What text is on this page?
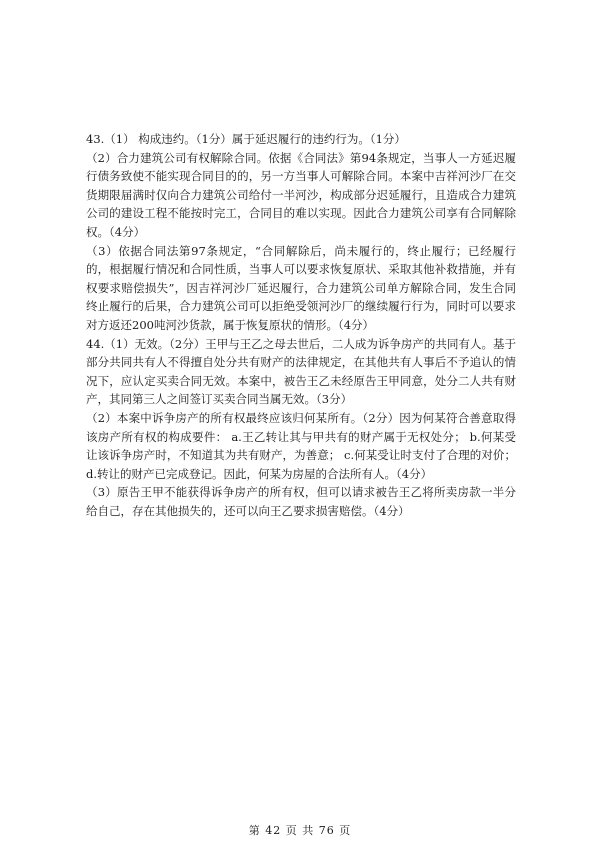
43.（1） 构成违约。（1分）属于延迟履行的违约行为。（1分）

（2）合力建筑公司有权解除合同。依据《合同法》第94条规定，当事人一方延迟履行债务致使不能实现合同目的的，另一方当事人可解除合同。本案中吉祥河沙厂在交货期限届满时仅向合力建筑公司给付一半河沙，构成部分迟延履行，且造成合力建筑公司的建设工程不能按时完工，合同目的难以实现。因此合力建筑公司享有合同解除权。（4分）

（3）依据合同法第97条规定，“合同解除后，尚未履行的，终止履行；已经履行的，根据履行情况和合同性质，当事人可以要求恢复原状、采取其他补救措施，并有权要求赔偿损失”，因吉祥河沙厂延迟履行，合力建筑公司单方解除合同，发生合同终止履行的后果，合力建筑公司可以拒绝受领河沙厂的继续履行行为，同时可以要求对方返还200吨河沙货款，属于恢复原状的情形。（4分）

44.（1）无效。（2分）王甲与王乙之母去世后，二人成为诉争房产的共同有人。基于部分共同共有人不得擅自处分共有财产的法律规定，在其他共有人事后不予追认的情况下，应认定买卖合同无效。本案中，被告王乙未经原告王甲同意，处分二人共有财产，其同第三人之间签订买卖合同当属无效。（3分）

（2）本案中诉争房产的所有权最终应该归何某所有。（2分）因为何某符合善意取得该房产所有权的构成要件： a.王乙转让其与甲共有的财产属于无权处分； b.何某受让该诉争房产时，不知道其为共有财产，为善意； c.何某受让时支付了合理的对价；d.转让的财产已完成登记。因此，何某为房屋的合法所有人。（4分）

（3）原告王甲不能获得诉争房产的所有权，但可以请求被告王乙将所卖房款一半分给自己，存在其他损失的，还可以向王乙要求损害赔偿。（4分）

第 42 页 共 76 页
